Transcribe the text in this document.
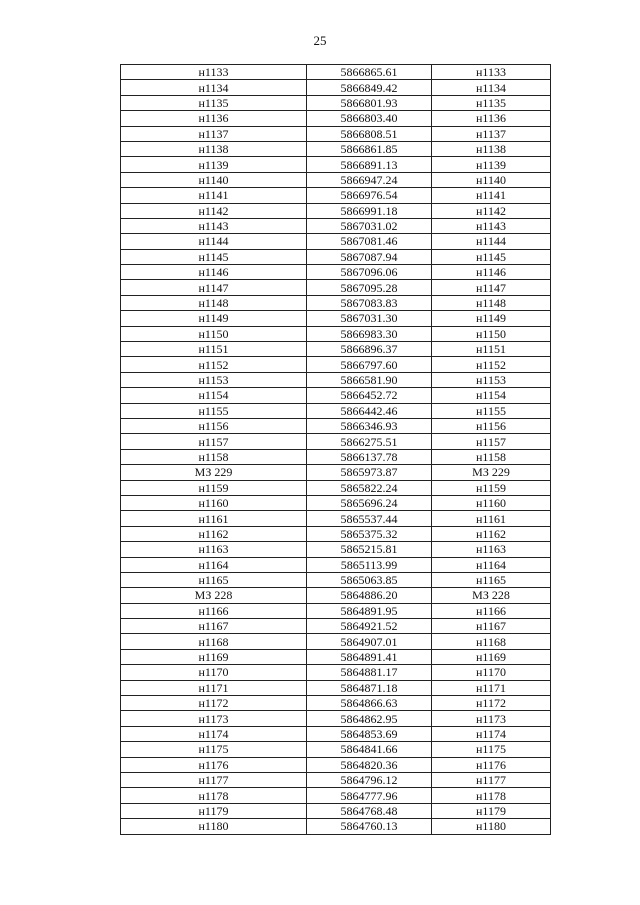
25
н1133	5866865.61	н1133
н1134	5866849.42	н1134
н1135	5866801.93	н1135
н1136	5866803.40	н1136
н1137	5866808.51	н1137
н1138	5866861.85	н1138
н1139	5866891.13	н1139
н1140	5866947.24	н1140
н1141	5866976.54	н1141
н1142	5866991.18	н1142
н1143	5867031.02	н1143
н1144	5867081.46	н1144
н1145	5867087.94	н1145
н1146	5867096.06	н1146
н1147	5867095.28	н1147
н1148	5867083.83	н1148
н1149	5867031.30	н1149
н1150	5866983.30	н1150
н1151	5866896.37	н1151
н1152	5866797.60	н1152
н1153	5866581.90	н1153
н1154	5866452.72	н1154
н1155	5866442.46	н1155
н1156	5866346.93	н1156
н1157	5866275.51	н1157
н1158	5866137.78	н1158
МЗ 229	5865973.87	МЗ 229
н1159	5865822.24	н1159
н1160	5865696.24	н1160
н1161	5865537.44	н1161
н1162	5865375.32	н1162
н1163	5865215.81	н1163
н1164	5865113.99	н1164
н1165	5865063.85	н1165
МЗ 228	5864886.20	МЗ 228
н1166	5864891.95	н1166
н1167	5864921.52	н1167
н1168	5864907.01	н1168
н1169	5864891.41	н1169
н1170	5864881.17	н1170
н1171	5864871.18	н1171
н1172	5864866.63	н1172
н1173	5864862.95	н1173
н1174	5864853.69	н1174
н1175	5864841.66	н1175
н1176	5864820.36	н1176
н1177	5864796.12	н1177
н1178	5864777.96	н1178
н1179	5864768.48	н1179
н1180	5864760.13	н1180
